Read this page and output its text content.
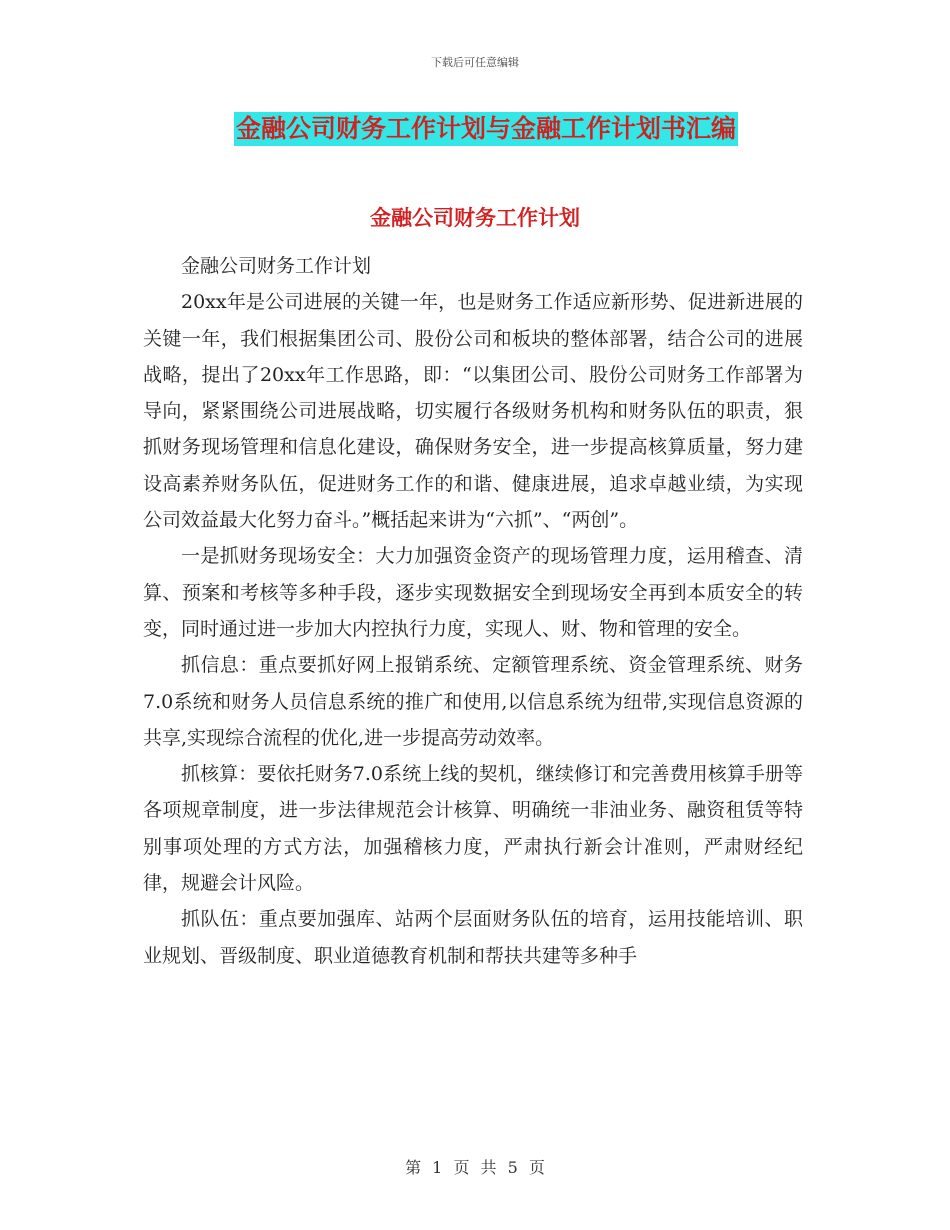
下载后可任意编辑
金融公司财务工作计划与金融工作计划书汇编
金融公司财务工作计划

金融公司财务工作计划

20xx年是公司进展的关键一年，也是财务工作适应新形势、促进新进展的关键一年，我们根据集团公司、股份公司和板块的整体部署，结合公司的进展战略，提出了20xx年工作思路，即：“以集团公司、股份公司财务工作部署为导向，紧紧围绕公司进展战略，切实履行各级财务机构和财务队伍的职责，狠抓财务现场管理和信息化建设，确保财务安全，进一步提高核算质量，努力建设高素养财务队伍，促进财务工作的和谐、健康进展，追求卓越业绩，为实现公司效益最大化努力奋斗。”概括起来讲为“六抓”、“两创”。

一是抓财务现场安全：大力加强资金资产的现场管理力度，运用稽查、清算、预案和考核等多种手段，逐步实现数据安全到现场安全再到本质安全的转变，同时通过进一步加大内控执行力度，实现人、财、物和管理的安全。

抓信息：重点要抓好网上报销系统、定额管理系统、资金管理系统、财务7.0系统和财务人员信息系统的推广和使用,以信息系统为纽带,实现信息资源的共享,实现综合流程的优化,进一步提高劳动效率。

抓核算：要依托财务7.0系统上线的契机，继续修订和完善费用核算手册等各项规章制度，进一步法律规范会计核算、明确统一非油业务、融资租赁等特别事项处理的方式方法，加强稽核力度，严肃执行新会计准则，严肃财经纪律，规避会计风险。

抓队伍：重点要加强库、站两个层面财务队伍的培育，运用技能培训、职业规划、晋级制度、职业道德教育机制和帮扶共建等多种手

第 1 页 共 5 页
